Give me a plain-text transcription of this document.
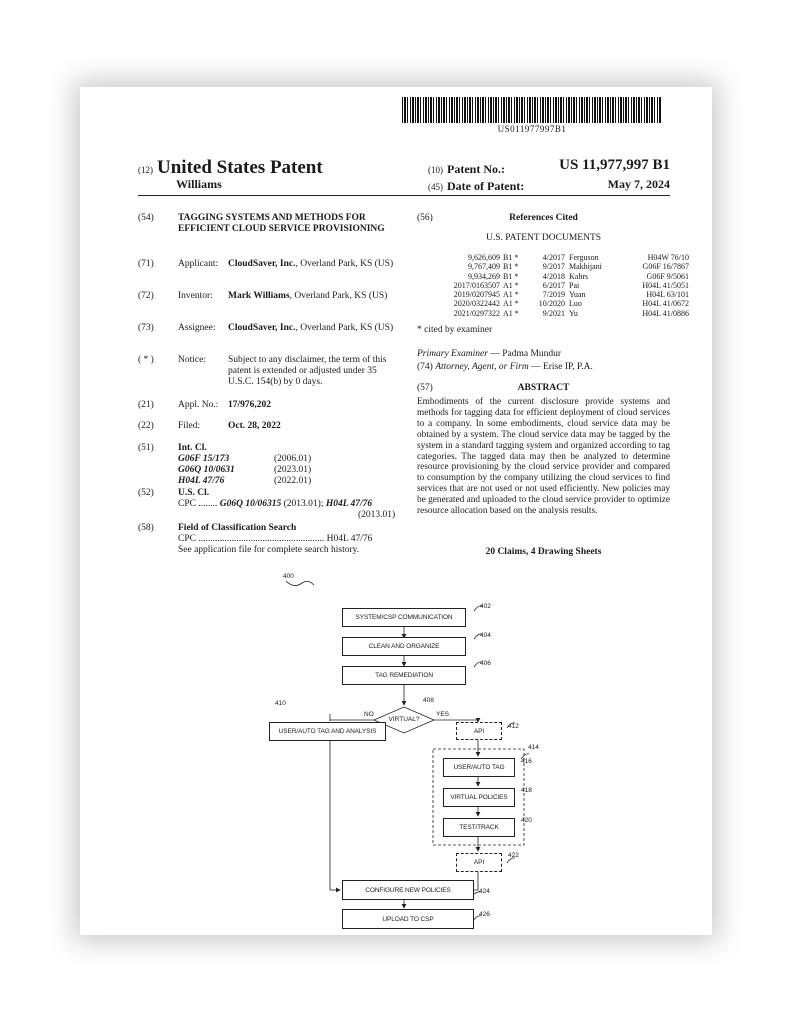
US011977997B1
(12) United States Patent
Williams
(10) Patent No.:	US 11,977,997 B1
(45) Date of Patent:	May 7, 2024
(54)	TAGGING SYSTEMS AND METHODS FOR EFFICIENT CLOUD SERVICE PROVISIONING
(71)	Applicant: CloudSaver, Inc., Overland Park, KS (US)
(72)	Inventor: Mark Williams, Overland Park, KS (US)
(73)	Assignee: CloudSaver, Inc., Overland Park, KS (US)
( * )	Notice: Subject to any disclaimer, the term of this patent is extended or adjusted under 35 U.S.C. 154(b) by 0 days.
(21)	Appl. No.: 17/976,202
(22)	Filed:	Oct. 28, 2022
(51)	Int. Cl.
G06F 15/173	(2006.01)
G06Q 10/0631	(2023.01)
H04L 47/76	(2022.01)
(52)	U.S. Cl.
CPC ........ G06Q 10/06315 (2013.01); H04L 47/76
(2013.01)
(58)	Field of Classification Search
CPC ..................................................... H04L 47/76
See application file for complete search history.
(56)	References Cited
U.S. PATENT DOCUMENTS
9,626,609 B1 *	4/2017 Ferguson	H04W 76/10
9,767,409 B1 *	9/2017 Makhijani	G06F 16/7867
9,934,269 B1 *	4/2018 Kahrs	G06F 9/5061
2017/0163507 A1 *	6/2017 Pai	H04L 41/5051
2019/0207945 A1 *	7/2019 Yuan	H04L 63/101
2020/0322442 A1 *	10/2020 Luo	H04L 41/0672
2021/0297322 A1 *	9/2021 Yu	H04L 41/0886
* cited by examiner
Primary Examiner — Padma Mundur
(74) Attorney, Agent, or Firm — Erise IP, P.A.
(57)	ABSTRACT
Embodiments of the current disclosure provide systems and methods for tagging data for efficient deployment of cloud services to a company. In some embodiments, cloud service data may be obtained by a system. The cloud service data may be tagged by the system in a standard tagging system and organized according to tag categories. The tagged data may then be analyzed to determine resource provisioning by the cloud service provider and compared to consumption by the company utilizing the cloud services to find services that are not used or not used efficiently. New policies may be generated and uploaded to the cloud service provider to optimize resource allocation based on the analysis results.
20 Claims, 4 Drawing Sheets
400
SYSTEM/CSP COMMUNICATION
402
CLEAN AND ORGANIZE
404
TAG REMEDIATION
406
VIRTUAL?
408
NO	YES
USER/AUTO TAG AND ANALYSIS
410
API
412
414
USER/AUTO TAG
416
VIRTUAL POLICIES
418
TEST/TRACK
420
API
422
CONFIGURE NEW POLICIES	424
UPLOAD TO CSP
426
